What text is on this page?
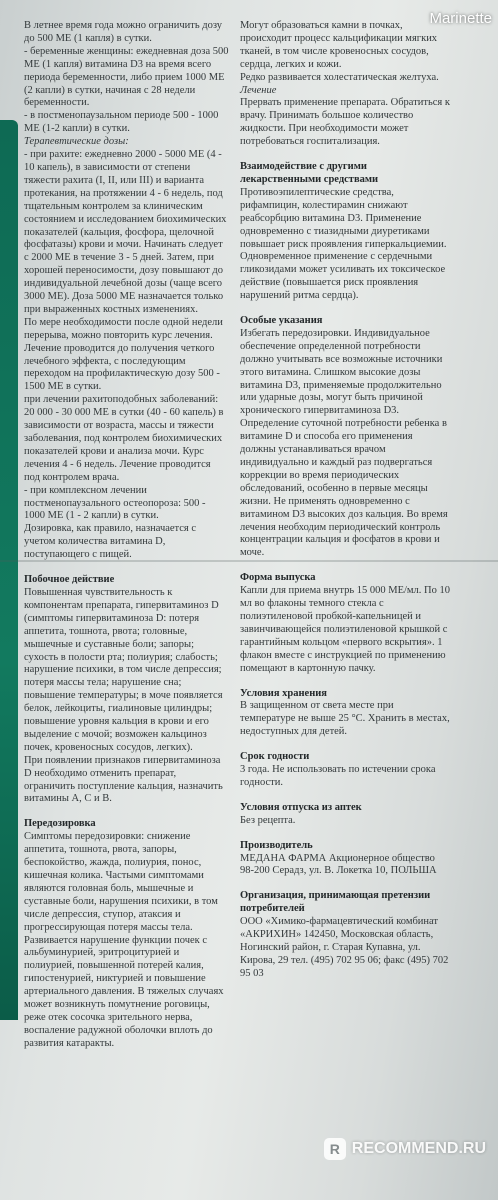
В летнее время года можно ограничить дозу до 500 МЕ (1 капля) в сутки.

- беременные женщины: ежедневная доза 500 МЕ (1 капля) витамина D3 на время всего периода беременности, либо прием 1000 МЕ (2 капли) в сутки, начиная с 28 недели беременности.

- в постменопаузальном периоде 500 - 1000 МЕ (1-2 капли) в сутки.

Терапевтические дозы:

- при рахите: ежедневно 2000 - 5000 МЕ (4 - 10 капель), в зависимости от степени тяжести рахита (I, II, или III) и варианта протекания, на протяжении 4 - 6 недель, под тщательным контролем за клиническим состоянием и исследованием биохимических показателей (кальция, фосфора, щелочной фосфатазы) крови и мочи. Начинать следует с 2000 МЕ в течение 3 - 5 дней. Затем, при хорошей переносимости, дозу повышают до индивидуальной лечебной дозы (чаще всего 3000 МЕ). Доза 5000 МЕ назначается только при выраженных костных изменениях.

По мере необходимости после одной недели перерыва, можно повторить курс лечения. Лечение проводится до получения четкого лечебного эффекта, с последующим переходом на профилактическую дозу 500 - 1500 МЕ в сутки.

при лечении рахитоподобных заболеваний: 20 000 - 30 000 МЕ в сутки (40 - 60 капель) в зависимости от возраста, массы и тяжести заболевания, под контролем биохимических показателей крови и анализа мочи. Курс лечения 4 - 6 недель. Лечение проводится под контролем врача.

- при комплексном лечении постменопаузального остеопороза: 500 - 1000 МЕ (1 - 2 капли) в сутки.

Дозировка, как правило, назначается с учетом количества витамина D, поступающего с пищей.

Побочное действие

Повышенная чувствительность к компонентам препарата, гипервитаминоз D (симптомы гипервитаминоза D: потеря аппетита, тошнота, рвота; головные, мышечные и суставные боли; запоры; сухость в полости рта; полиурия; слабость; нарушение психики, в том числе депрессия; потеря массы тела; нарушение сна; повышение температуры; в моче появляется белок, лейкоциты, гиалиновые цилиндры; повышение уровня кальция в крови и его выделение с мочой; возможен кальциноз почек, кровеносных сосудов, легких).

При появлении признаков гипервитаминоза D необходимо отменить препарат, ограничить поступление кальция, назначить витамины А, С и В.

Передозировка

Симптомы передозировки: снижение аппетита, тошнота, рвота, запоры, беспокойство, жажда, полиурия, понос, кишечная колика. Частыми симптомами являются головная боль, мышечные и суставные боли, нарушения психики, в том числе депрессия, ступор, атаксия и прогрессирующая потеря массы тела. Развивается нарушение функции почек с альбуминурией, эритроцитурией и полиурией, повышенной потерей калия, гипостенурией, никтурией и повышение артериального давления. В тяжелых случаях может возникнуть помутнение роговицы, реже отек сосочка зрительного нерва, воспаление радужной оболочки вплоть до развития катаракты.

Могут образоваться камни в почках, происходит процесс кальцификации мягких тканей, в том числе кровеносных сосудов, сердца, легких и кожи.

Редко развивается холестатическая желтуха.

Лечение

Прервать применение препарата. Обратиться к врачу. Принимать большое количество жидкости. При необходимости может потребоваться госпитализация.

Взаимодействие с другими лекарственными средствами

Противоэпилептические средства, рифампицин, колестирамин снижают реабсорбцию витамина D3. Применение одновременно с тиазидными диуретиками повышает риск проявления гиперкальциемии. Одновременное применение с сердечными гликозидами может усиливать их токсическое действие (повышается риск проявления нарушений ритма сердца).

Особые указания

Избегать передозировки. Индивидуальное обеспечение определенной потребности должно учитывать все возможные источники этого витамина. Слишком высокие дозы витамина D3, применяемые продолжительно или ударные дозы, могут быть причиной хронического гипервитаминоза D3. Определение суточной потребности ребенка в витамине D и способа его применения должны устанавливаться врачом индивидуально и каждый раз подвергаться коррекции во время периодических обследований, особенно в первые месяцы жизни. Не применять одновременно с витамином D3 высоких доз кальция. Во время лечения необходим периодический контроль концентрации кальция и фосфатов в крови и моче.

Форма выпуска

Капли для приема внутрь 15 000 МЕ/мл. По 10 мл во флаконы темного стекла с полиэтиленовой пробкой-капельницей и завинчивающейся полиэтиленовой крышкой с гарантийным кольцом «первого вскрытия». 1 флакон вместе с инструкцией по применению помещают в картонную пачку.

Условия хранения

В защищенном от света месте при температуре не выше 25 °С. Хранить в местах, недоступных для детей.

Срок годности

3 года. Не использовать по истечении срока годности.

Условия отпуска из аптек

Без рецепта.

Производитель

МЕДАНА ФАРМА Акционерное общество 98-200 Серадз, ул. В. Локетка 10, ПОЛЬША

Организация, принимающая претензии потребителей

ООО «Химико-фармацевтический комбинат «АКРИХИН» 142450, Московская область, Ногинский район, г. Старая Купавна, ул. Кирова, 29 тел. (495) 702 95 06; факс (495) 702 95 03

Marinette
R RECOMMEND.RU
